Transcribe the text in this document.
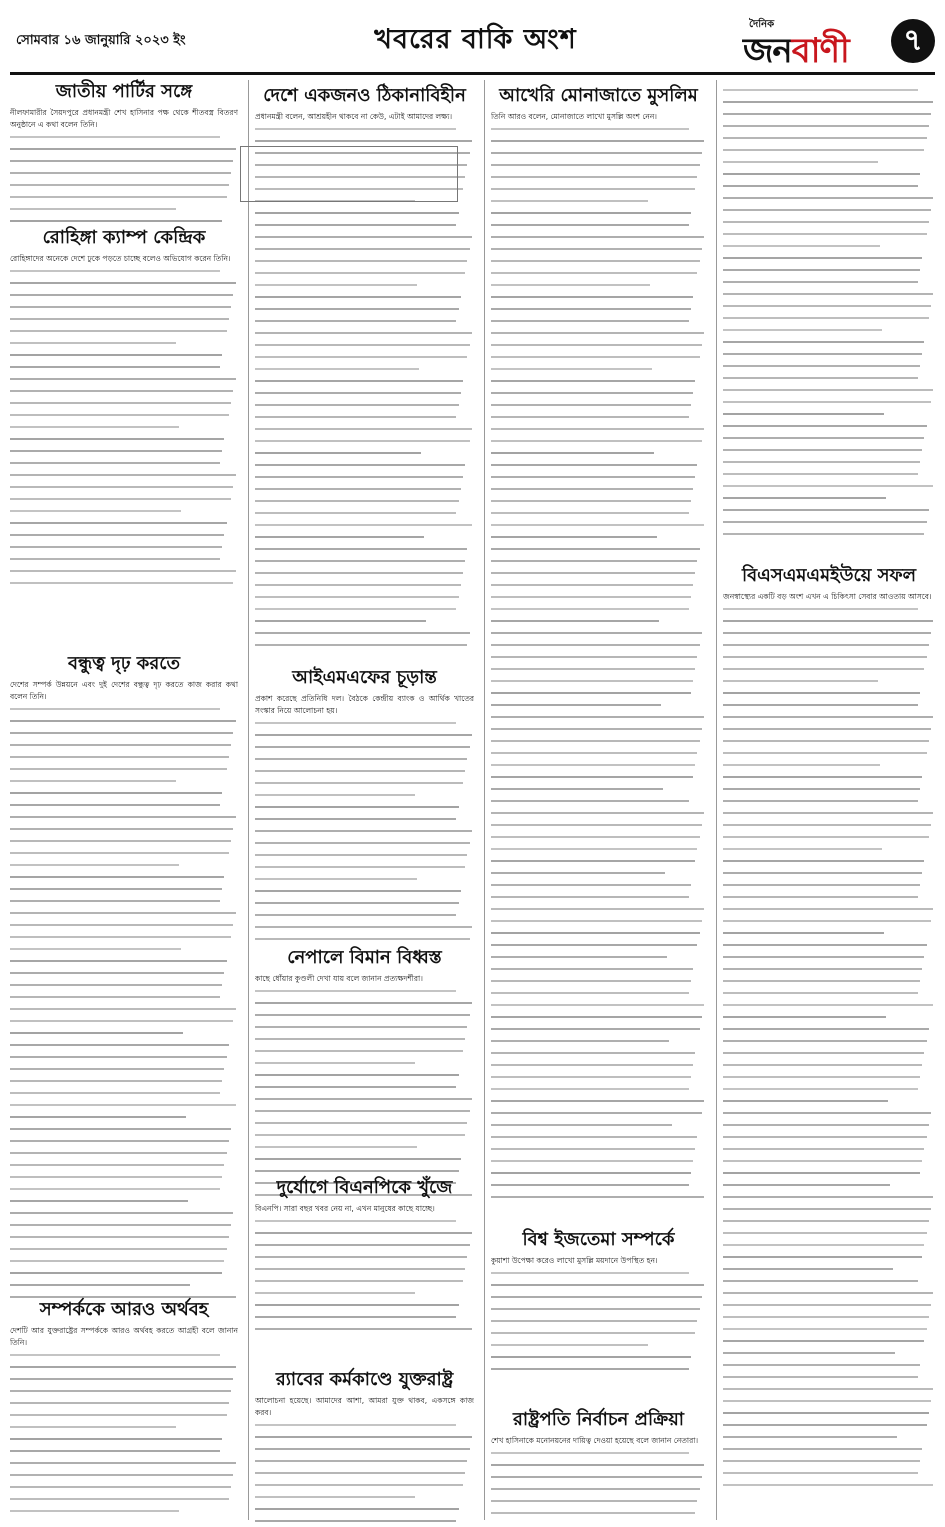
সোমবার ১৬ জানুয়ারি ২০২৩ ইং	খবরের বাকি অংশ	দৈনিক
জনবাণী	৭
জাতীয় পার্টির সঙ্গে
নীলফামারীর সৈয়দপুরে প্রধানমন্ত্রী শেখ হাসিনার পক্ষ থেকে শীতবস্ত্র বিতরণ অনুষ্ঠানে এ কথা বলেন তিনি।
রোহিঙ্গা ক্যাম্প কেন্দ্রিক
রোহিঙ্গাদের অনেকে দেশে ঢুকে পড়তে চাচ্ছে বলেও অভিযোগ করেন তিনি।
বন্ধুত্ব দৃঢ় করতে
দেশের সম্পর্ক উন্নয়নে এবং দুই দেশের বন্ধুত্ব দৃঢ় করতে কাজ করার কথা বলেন তিনি।
সম্পর্ককে আরও অর্থবহ
দেশটি আর যুক্তরাষ্ট্রের সম্পর্ককে আরও অর্থবহ করতে আগ্রহী বলে জানান তিনি।
দেশে একজনও ঠিকানাবিহীন
প্রধানমন্ত্রী বলেন, আশ্রয়হীন থাকবে না কেউ, এটাই আমাদের লক্ষ্য।
আইএমএফের চূড়ান্ত
প্রকাশ করেছে প্রতিনিধি দল। বৈঠকে কেন্দ্রীয় ব্যাংক ও আর্থিক খাতের সংস্কার নিয়ে আলোচনা হয়।
নেপালে বিমান বিধ্বস্ত
কাছে ধোঁয়ার কুণ্ডলী দেখা যায় বলে জানান প্রত্যক্ষদর্শীরা।
দুর্যোগে বিএনপিকে খুঁজে
বিএনপি। সারা বছর খবর নেয় না, এখন মানুষের কাছে যাচ্ছে।
র‍্যাবের কর্মকাণ্ডে যুক্তরাষ্ট্র
আলোচনা হয়েছে। আমাদের আশা, আমরা যুক্ত থাকব, একসঙ্গে কাজ করব।
আখেরি মোনাজাতে মুসলিম
তিনি আরও বলেন, মোনাজাতে লাখো মুসল্লি অংশ নেন।
বিশ্ব ইজতেমা সম্পর্কে
কুয়াশা উপেক্ষা করেও লাখো মুসল্লি ময়দানে উপস্থিত হন।
রাষ্ট্রপতি নির্বাচন প্রক্রিয়া
শেখ হাসিনাকে মনোনয়নের দায়িত্ব দেওয়া হয়েছে বলে জানান নেতারা।
বিএসএমএমইউয়ে সফল
জনস্বাস্থ্যের একটি বড় অংশ এখন এ চিকিৎসা সেবার আওতায় আসবে।
